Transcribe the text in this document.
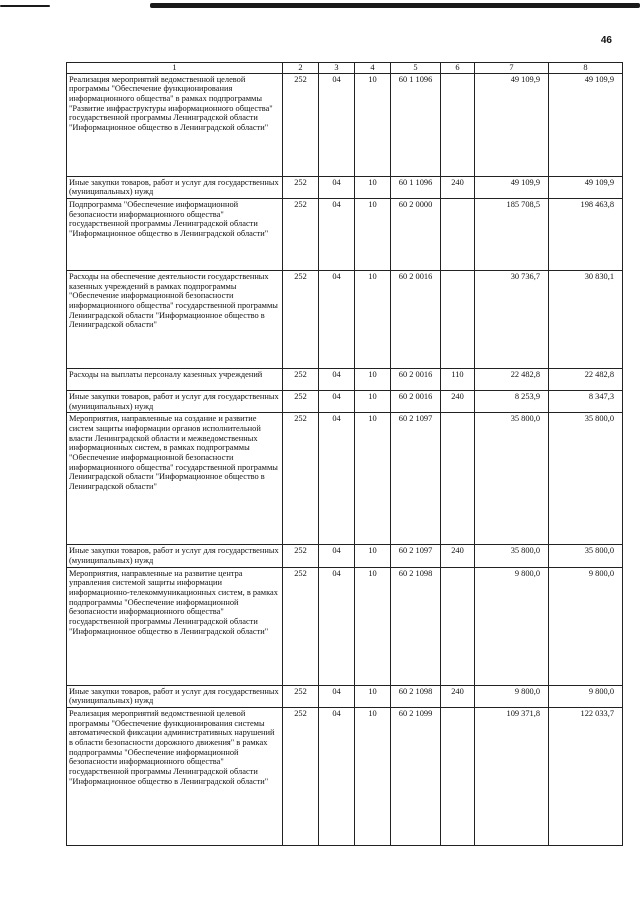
46
1	2	3	4	5	6	7	8
Реализация мероприятий ведомственной целевой программы "Обеспечение функционирования информационного общества" в рамках подпрограммы "Развитие инфраструктуры информационного общества" государственной программы Ленинградской области "Информационное общество в Ленинградской области"	252	04	10	60 1 1096		49 109,9	49 109,9
Иные закупки товаров, работ и услуг для государственных (муниципальных) нужд	252	04	10	60 1 1096	240	49 109,9	49 109,9
Подпрограмма "Обеспечение информационной безопасности информационного общества" государственной программы Ленинградской области "Информационное общество в Ленинградской области"	252	04	10	60 2 0000		185 708,5	198 463,8
Расходы на обеспечение деятельности государственных казенных учреждений в рамках подпрограммы "Обеспечение информационной безопасности информационного общества" государственной программы Ленинградской области "Информационное общество в Ленинградской области"	252	04	10	60 2 0016		30 736,7	30 830,1
Расходы на выплаты персоналу казенных учреждений	252	04	10	60 2 0016	110	22 482,8	22 482,8
Иные закупки товаров, работ и услуг для государственных (муниципальных) нужд	252	04	10	60 2 0016	240	8 253,9	8 347,3
Мероприятия, направленные на создание и развитие систем защиты информации органов исполнительной власти Ленинградской области и межведомственных информационных систем, в рамках подпрограммы "Обеспечение информационной безопасности информационного общества" государственной программы Ленинградской области "Информационное общество в Ленинградской области"	252	04	10	60 2 1097		35 800,0	35 800,0
Иные закупки товаров, работ и услуг для государственных (муниципальных) нужд	252	04	10	60 2 1097	240	35 800,0	35 800,0
Мероприятия, направленные на развитие центра управления системой защиты информации информационно-телекоммуникационных систем, в рамках подпрограммы "Обеспечение информационной безопасности информационного общества" государственной программы Ленинградской области "Информационное общество в Ленинградской области"	252	04	10	60 2 1098		9 800,0	9 800,0
Иные закупки товаров, работ и услуг для государственных (муниципальных) нужд	252	04	10	60 2 1098	240	9 800,0	9 800,0
Реализация мероприятий ведомственной целевой программы "Обеспечение функционирования системы автоматической фиксации административных нарушений в области безопасности дорожного движения" в рамках подпрограммы "Обеспечение информационной безопасности информационного общества" государственной программы Ленинградской области "Информационное общество в Ленинградской области"	252	04	10	60 2 1099		109 371,8	122 033,7
